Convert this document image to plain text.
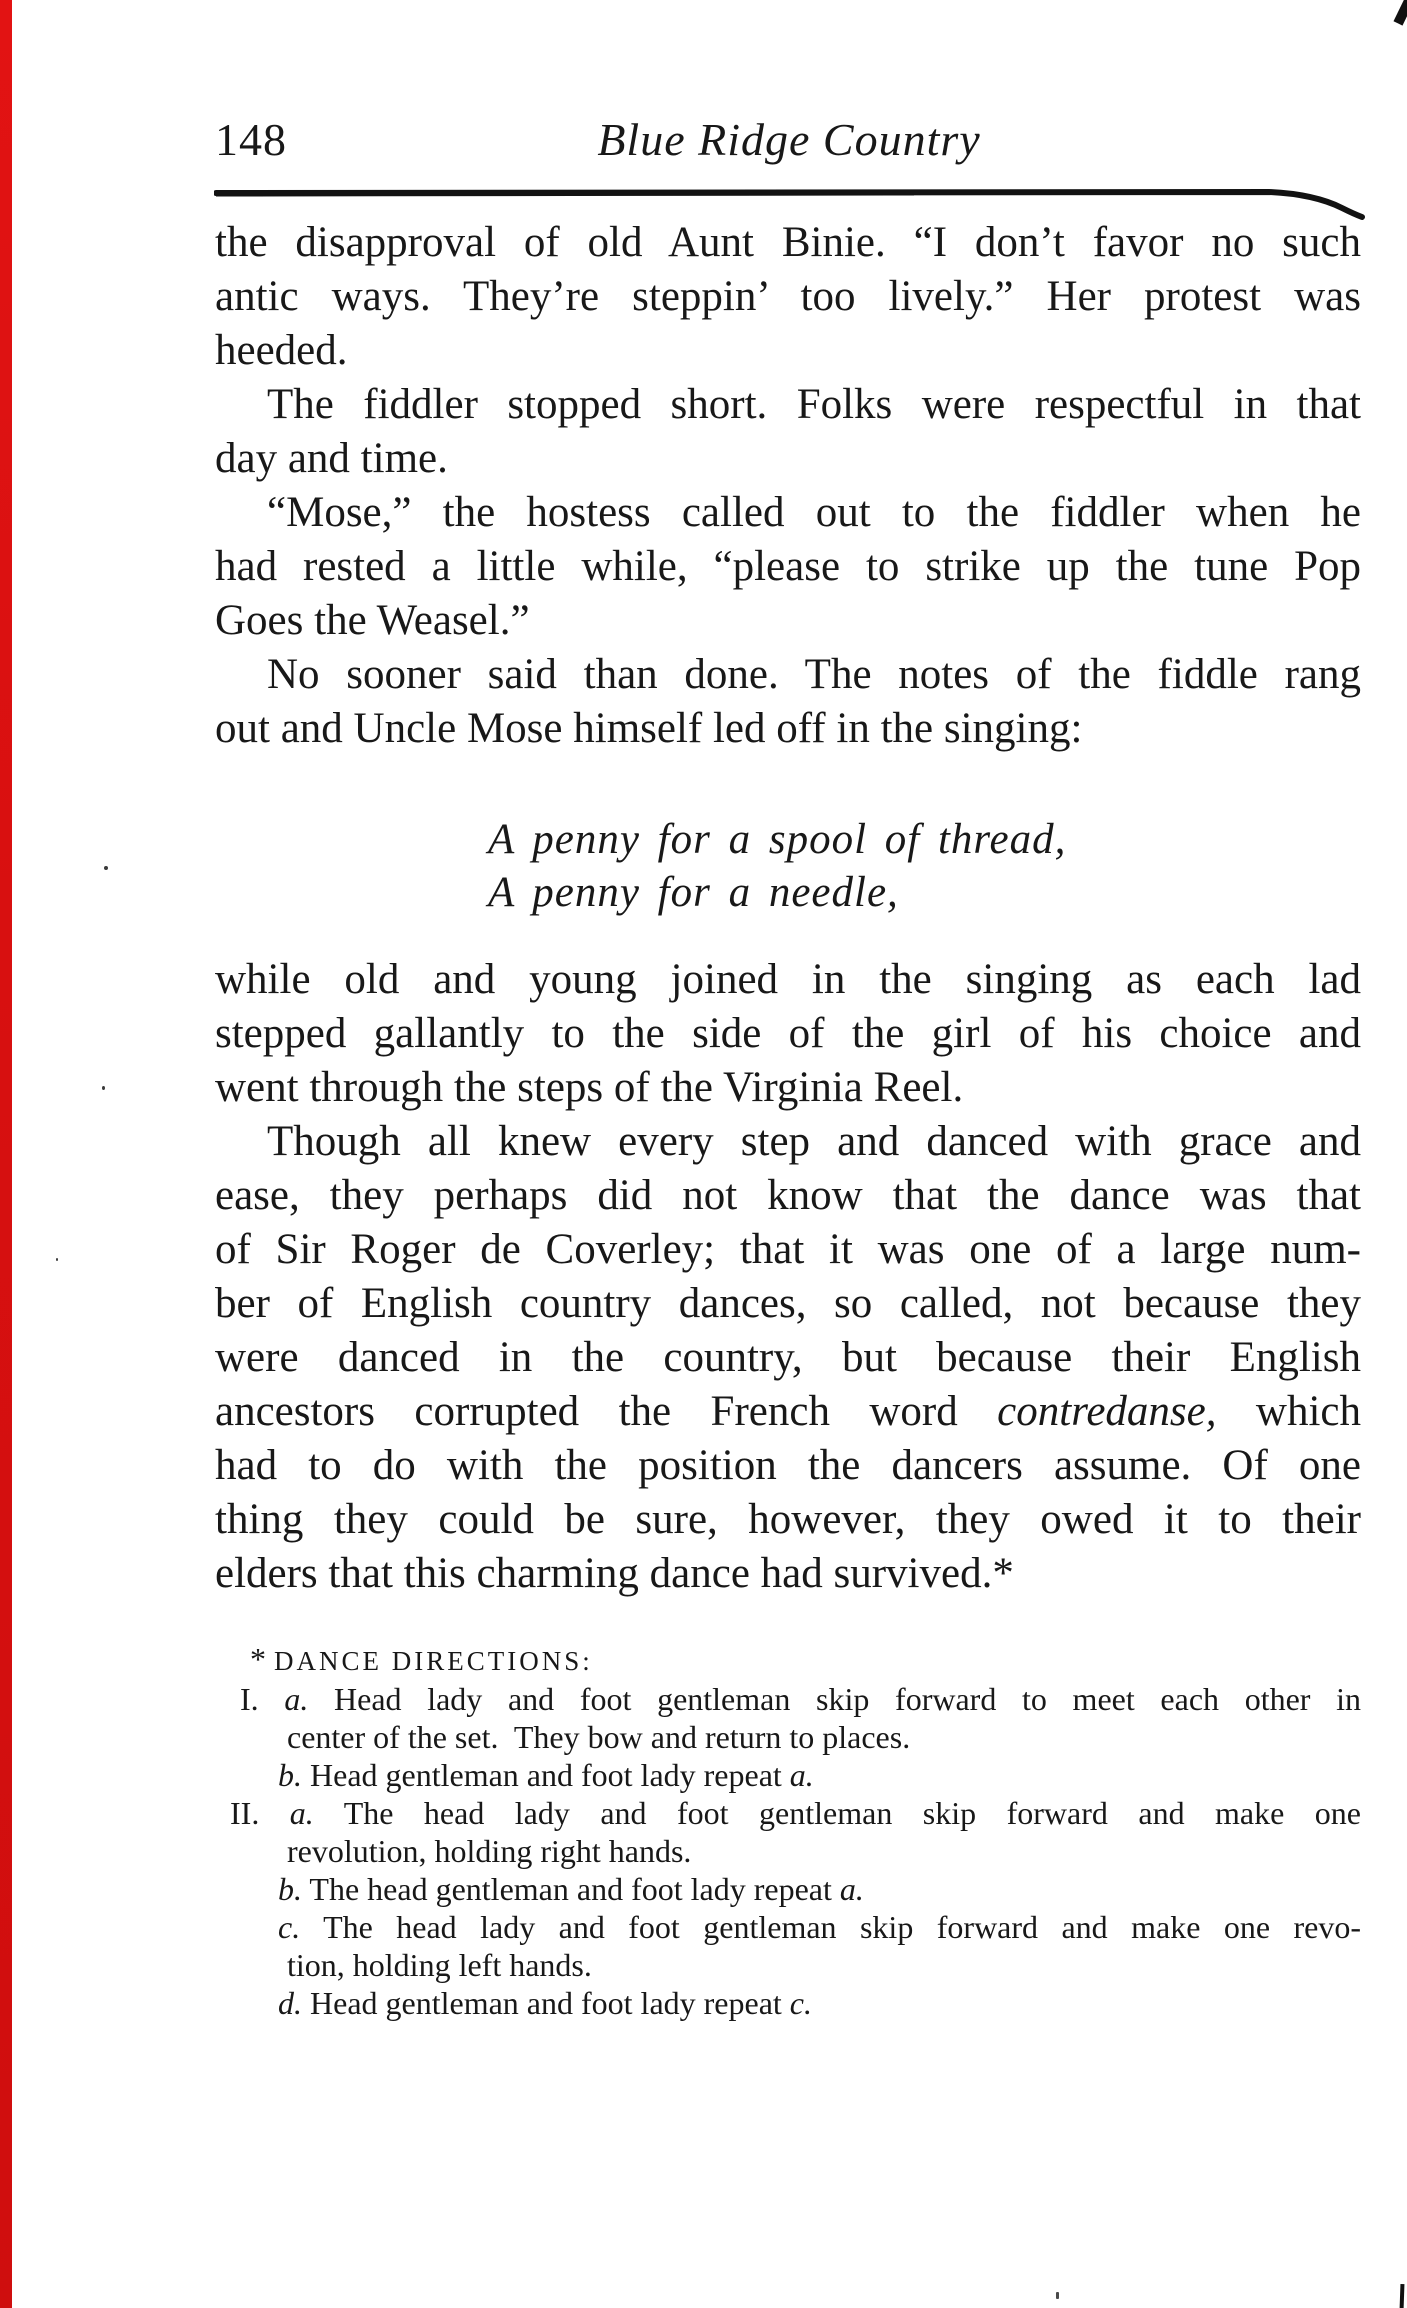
148	Blue Ridge Country
the disapproval of old Aunt Binie. “I don’t favor no such
antic ways. They’re steppin’ too lively.” Her protest was
heeded.
The fiddler stopped short. Folks were respectful in that
day and time.
“Mose,” the hostess called out to the fiddler when he
had rested a little while, “please to strike up the tune Pop
Goes the Weasel.”
No sooner said than done. The notes of the fiddle rang
out and Uncle Mose himself led off in the singing:
A penny for a spool of thread,
A penny for a needle,
while old and young joined in the singing as each lad
stepped gallantly to the side of the girl of his choice and
went through the steps of the Virginia Reel.
Though all knew every step and danced with grace and
ease, they perhaps did not know that the dance was that
of Sir Roger de Coverley; that it was one of a large num-
ber of English country dances, so called, not because they
were danced in the country, but because their English
ancestors corrupted the French word contredanse, which
had to do with the position the dancers assume. Of one
thing they could be sure, however, they owed it to their
elders that this charming dance had survived.*
* DANCE DIRECTIONS:
I. a. Head lady and foot gentleman skip forward to meet each other in
center of the set.  They bow and return to places.
b. Head gentleman and foot lady repeat a.
II. a. The head lady and foot gentleman skip forward and make one
revolution, holding right hands.
b. The head gentleman and foot lady repeat a.
c. The head lady and foot gentleman skip forward and make one revo-
tion, holding left hands.
d. Head gentleman and foot lady repeat c.
